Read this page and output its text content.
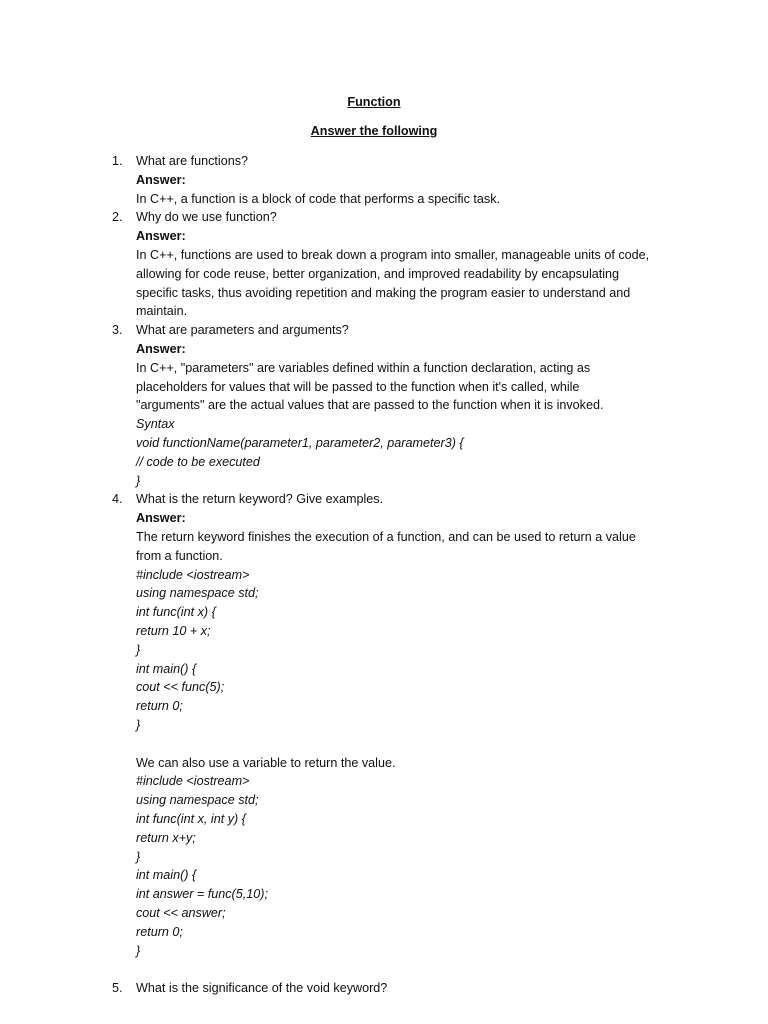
Function
Answer the following
1. What are functions?
Answer:
In C++, a function is a block of code that performs a specific task.
2. Why do we use function?
Answer:
In C++, functions are used to break down a program into smaller, manageable units of code,
allowing for code reuse, better organization, and improved readability by encapsulating
specific tasks, thus avoiding repetition and making the program easier to understand and
maintain.
3. What are parameters and arguments?
Answer:
In C++, "parameters" are variables defined within a function declaration, acting as
placeholders for values that will be passed to the function when it's called, while
"arguments" are the actual values that are passed to the function when it is invoked.
Syntax
void functionName(parameter1, parameter2, parameter3) {
// code to be executed
}
4. What is the return keyword? Give examples.
Answer:
The return keyword finishes the execution of a function, and can be used to return a value
from a function.
#include <iostream>
using namespace std;
int func(int x) {
return 10 + x;
}
int main() {
cout << func(5);
return 0;
}
We can also use a variable to return the value.
#include <iostream>
using namespace std;
int func(int x, int y) {
return x+y;
}
int main() {
int answer = func(5,10);
cout << answer;
return 0;
}
5. What is the significance of the void keyword?
